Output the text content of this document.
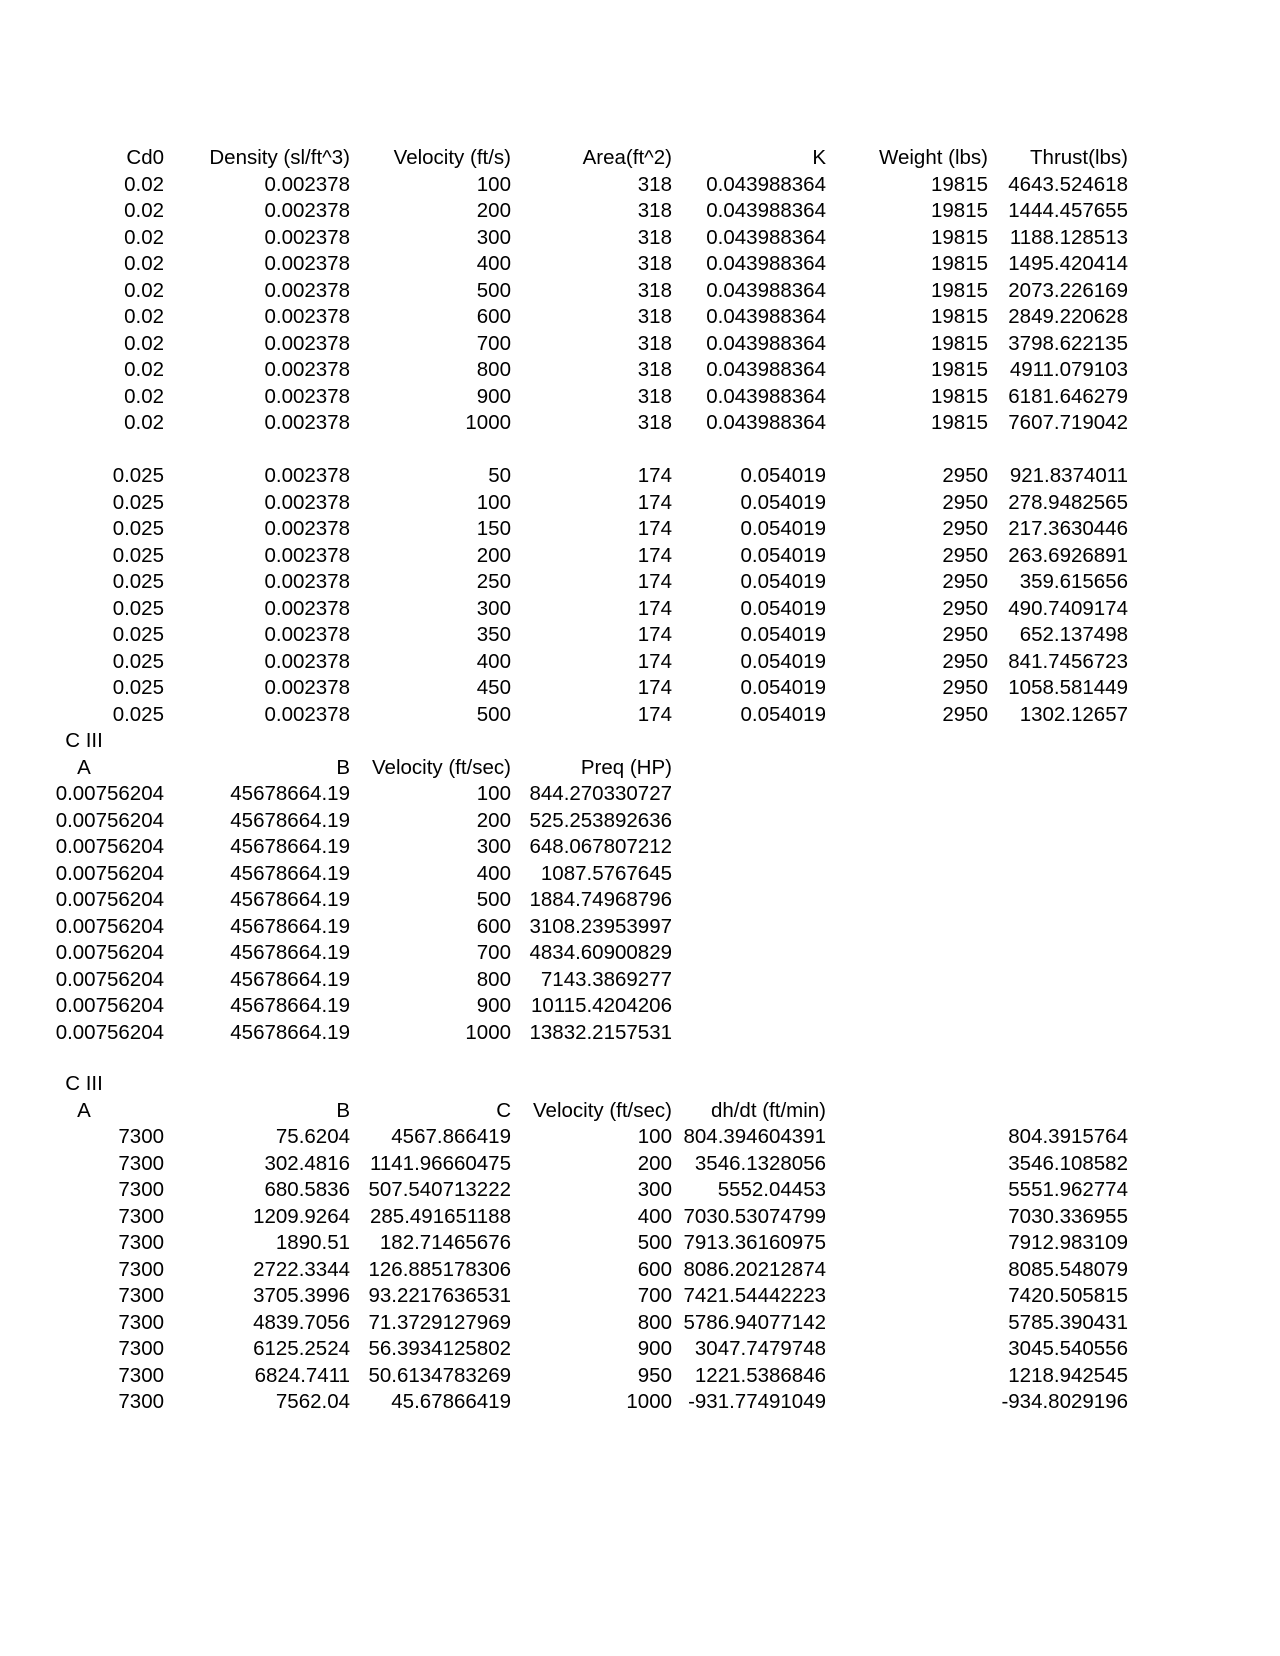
Cd0	Density (sl/ft^3)	Velocity (ft/s)	Area(ft^2)	K	Weight (lbs)	Thrust(lbs)
0.02	0.002378	100	318	0.043988364	19815 4643.524618
0.02	0.002378	200	318	0.043988364	19815 1444.457655
0.02	0.002378	300	318	0.043988364	19815	1188.128513
0.02	0.002378	400	318	0.043988364	19815 1495.420414
0.02	0.002378	500	318	0.043988364	19815 2073.226169
0.02	0.002378	600	318	0.043988364	19815 2849.220628
0.02	0.002378	700	318	0.043988364	19815 3798.622135
0.02	0.002378	800	318	0.043988364	19815	4911.079103
0.02	0.002378	900	318	0.043988364	19815 6181.646279
0.02	0.002378	1000	318	0.043988364	19815 7607.719042
0.025	0.002378	50	174	0.054019	2950	921.8374011
0.025	0.002378	100	174	0.054019	2950 278.9482565
0.025	0.002378	150	174	0.054019	2950 217.3630446
0.025	0.002378	200	174	0.054019	2950 263.6926891
0.025	0.002378	250	174	0.054019	2950	359.615656
0.025	0.002378	300	174	0.054019	2950 490.7409174
0.025	0.002378	350	174	0.054019	2950	652.137498
0.025	0.002378	400	174	0.054019	2950 841.7456723
0.025	0.002378	450	174	0.054019	2950 1058.581449
0.025	0.002378	500	174	0.054019	2950	1302.12657
C III
A	B	Velocity (ft/sec)	Preq (HP)
0.00756204	45678664.19	100 844.270330727
0.00756204	45678664.19	200 525.253892636
0.00756204	45678664.19	300 648.067807212
0.00756204	45678664.19	400	1087.5767645
0.00756204	45678664.19	500 1884.74968796
0.00756204	45678664.19	600 3108.23953997
0.00756204	45678664.19	700 4834.60900829
0.00756204	45678664.19	800	7143.3869277
0.00756204	45678664.19	900 10115.4204206
0.00756204	45678664.19	1000 13832.2157531
C III
A	B	C	Velocity (ft/sec)	dh/dt (ft/min)
7300	75.6204	4567.866419	100 804.394604391	804.3915764
7300	302.4816 1141.96660475	200	3546.1328056	3546.108582
7300	680.5836 507.540713222	300	5552.04453	5551.962774
7300	1209.9264 285.491651188	400 7030.53074799	7030.336955
7300	1890.51	182.71465676	500 7913.36160975	7912.983109
7300	2722.3344 126.885178306	600 8086.20212874	8085.548079
7300	3705.3996 93.2217636531	700 7421.54442223	7420.505815
7300	4839.7056 71.3729127969	800 5786.94077142	5785.390431
7300	6125.2524 56.3934125802	900	3047.7479748	3045.540556
7300	6824.7411 50.6134783269	950	1221.5386846	1218.942545
7300	7562.04	45.67866419	1000 -931.77491049	-934.8029196
